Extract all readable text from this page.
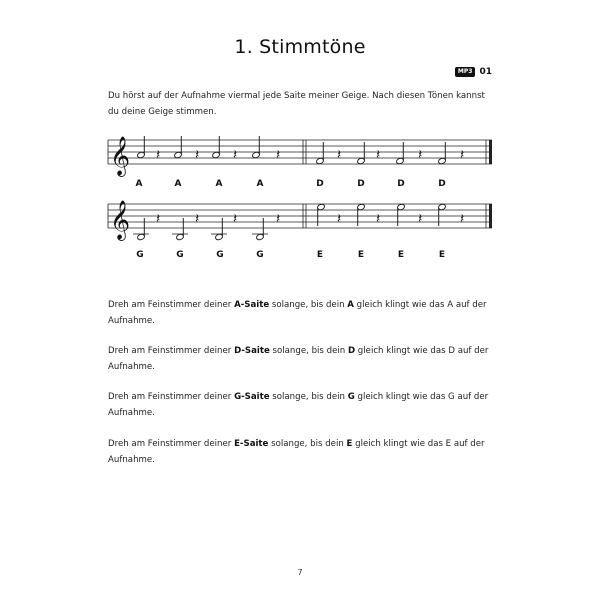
1. Stimmtöne
MP3 01

Du hörst auf der Aufnahme viermal jede Saite meiner Geige. Nach diesen Tönen kannst du deine Geige stimmen.

𝄞 𝄽 𝄽 𝄽	𝄽	𝄽 𝄽	𝄽	𝄽
A	A	A	A	D	D	D	D
𝄞 𝄽 𝄽 𝄽	𝄽	𝄽 𝄽	𝄽	𝄽
G	G	G	G	E	E	E	E

Dreh am Feinstimmer deiner A-Saite solange, bis dein A gleich klingt wie das A auf der Aufnahme.

Dreh am Feinstimmer deiner D-Saite solange, bis dein D gleich klingt wie das D auf der Aufnahme.

Dreh am Feinstimmer deiner G-Saite solange, bis dein G gleich klingt wie das G auf der Aufnahme.

Dreh am Feinstimmer deiner E-Saite solange, bis dein E gleich klingt wie das E auf der Aufnahme.

7
